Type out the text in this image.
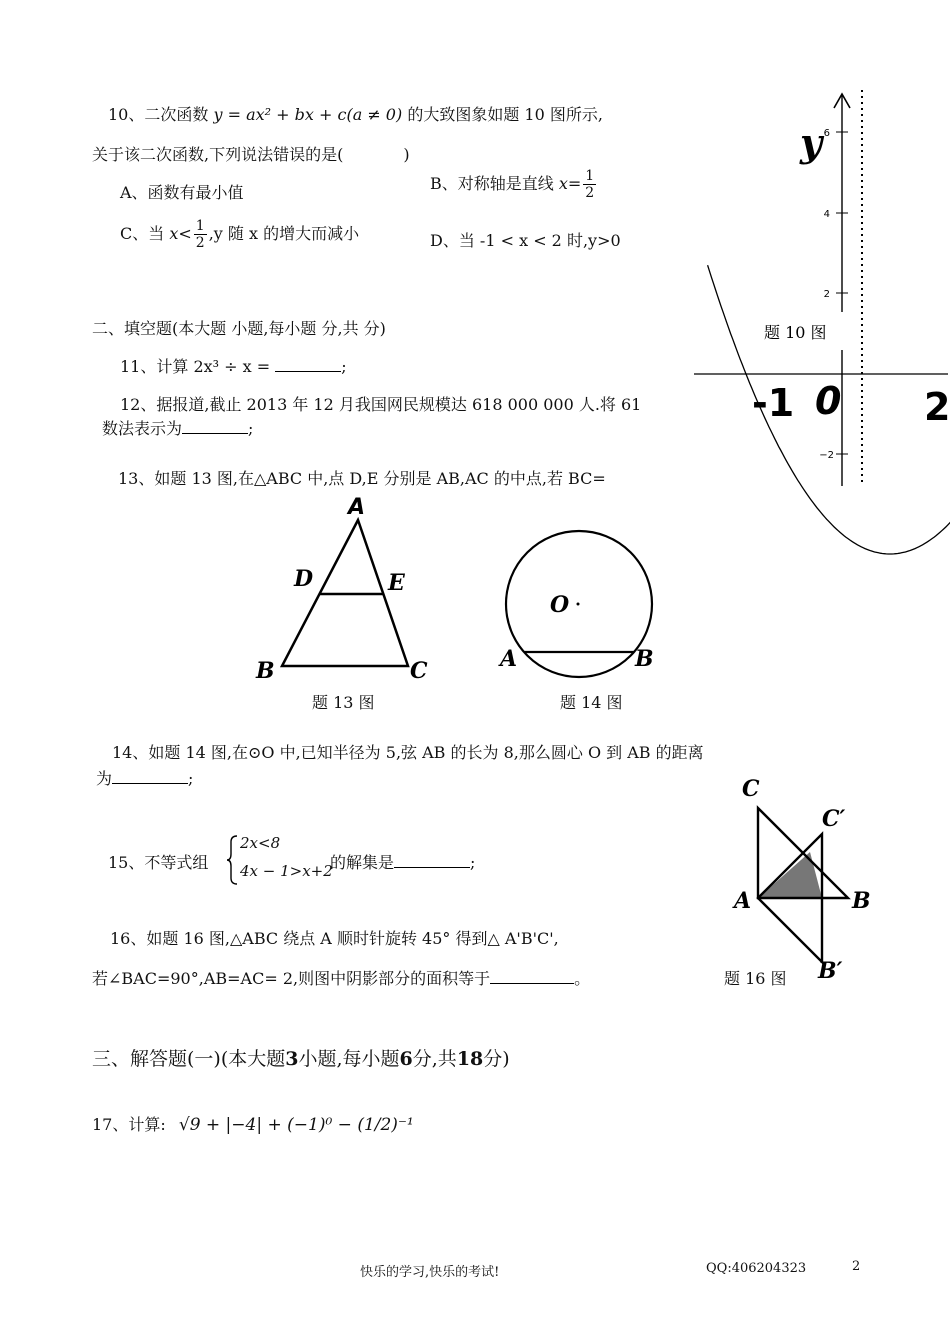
10、二次函数 y = ax² + bx + c(a ≠ 0) 的大致图象如题 10 图所示,
关于该二次函数,下列说法错误的是(	)
A、函数有最小值	B、对称轴是直线 $x= \frac{1}{2}$
C、当 $x< \frac{1}{2} ,y$ 随 x 的增大而减小	D、当 -1 < x < 2 时,y>0
6
4
2
−2
y
-1 0 2
题 10 图
二、填空题(本大题 小题,每小题 分,共 分)
11、计算 2x³ ÷ x =	;
12、据报道,截止 2013 年 12 月我国网民规模达 618 000 000 人.将 61
数法表示为	;
13、如题 13 图,在△ABC 中,点 D,E 分别是 AB,AC 的中点,若 BC=
A
D	E
B	C
题 13 图
O
A	B
题 14 图
14、如题 14 图,在⊙O 中,已知半径为 5,弦 AB 的长为 8,那么圆心 O 到 AB 的距离
为	;
15、不等式组
2x<8
4x − 1>x+2
的解集是	;
C
C′
A	B
B′
16、如题 16 图,△ABC 绕点 A 顺时针旋转 45° 得到△ A'B'C',
若∠BAC=90°,AB=AC= 2,则图中阴影部分的面积等于	。	题 16 图
三、解答题(一)(本大题3小题,每小题6分,共18分)
17、计算: √9 + |−4| + (−1)⁰ − (1/2)⁻¹
快乐的学习,快乐的考试!	QQ:406204323	2
